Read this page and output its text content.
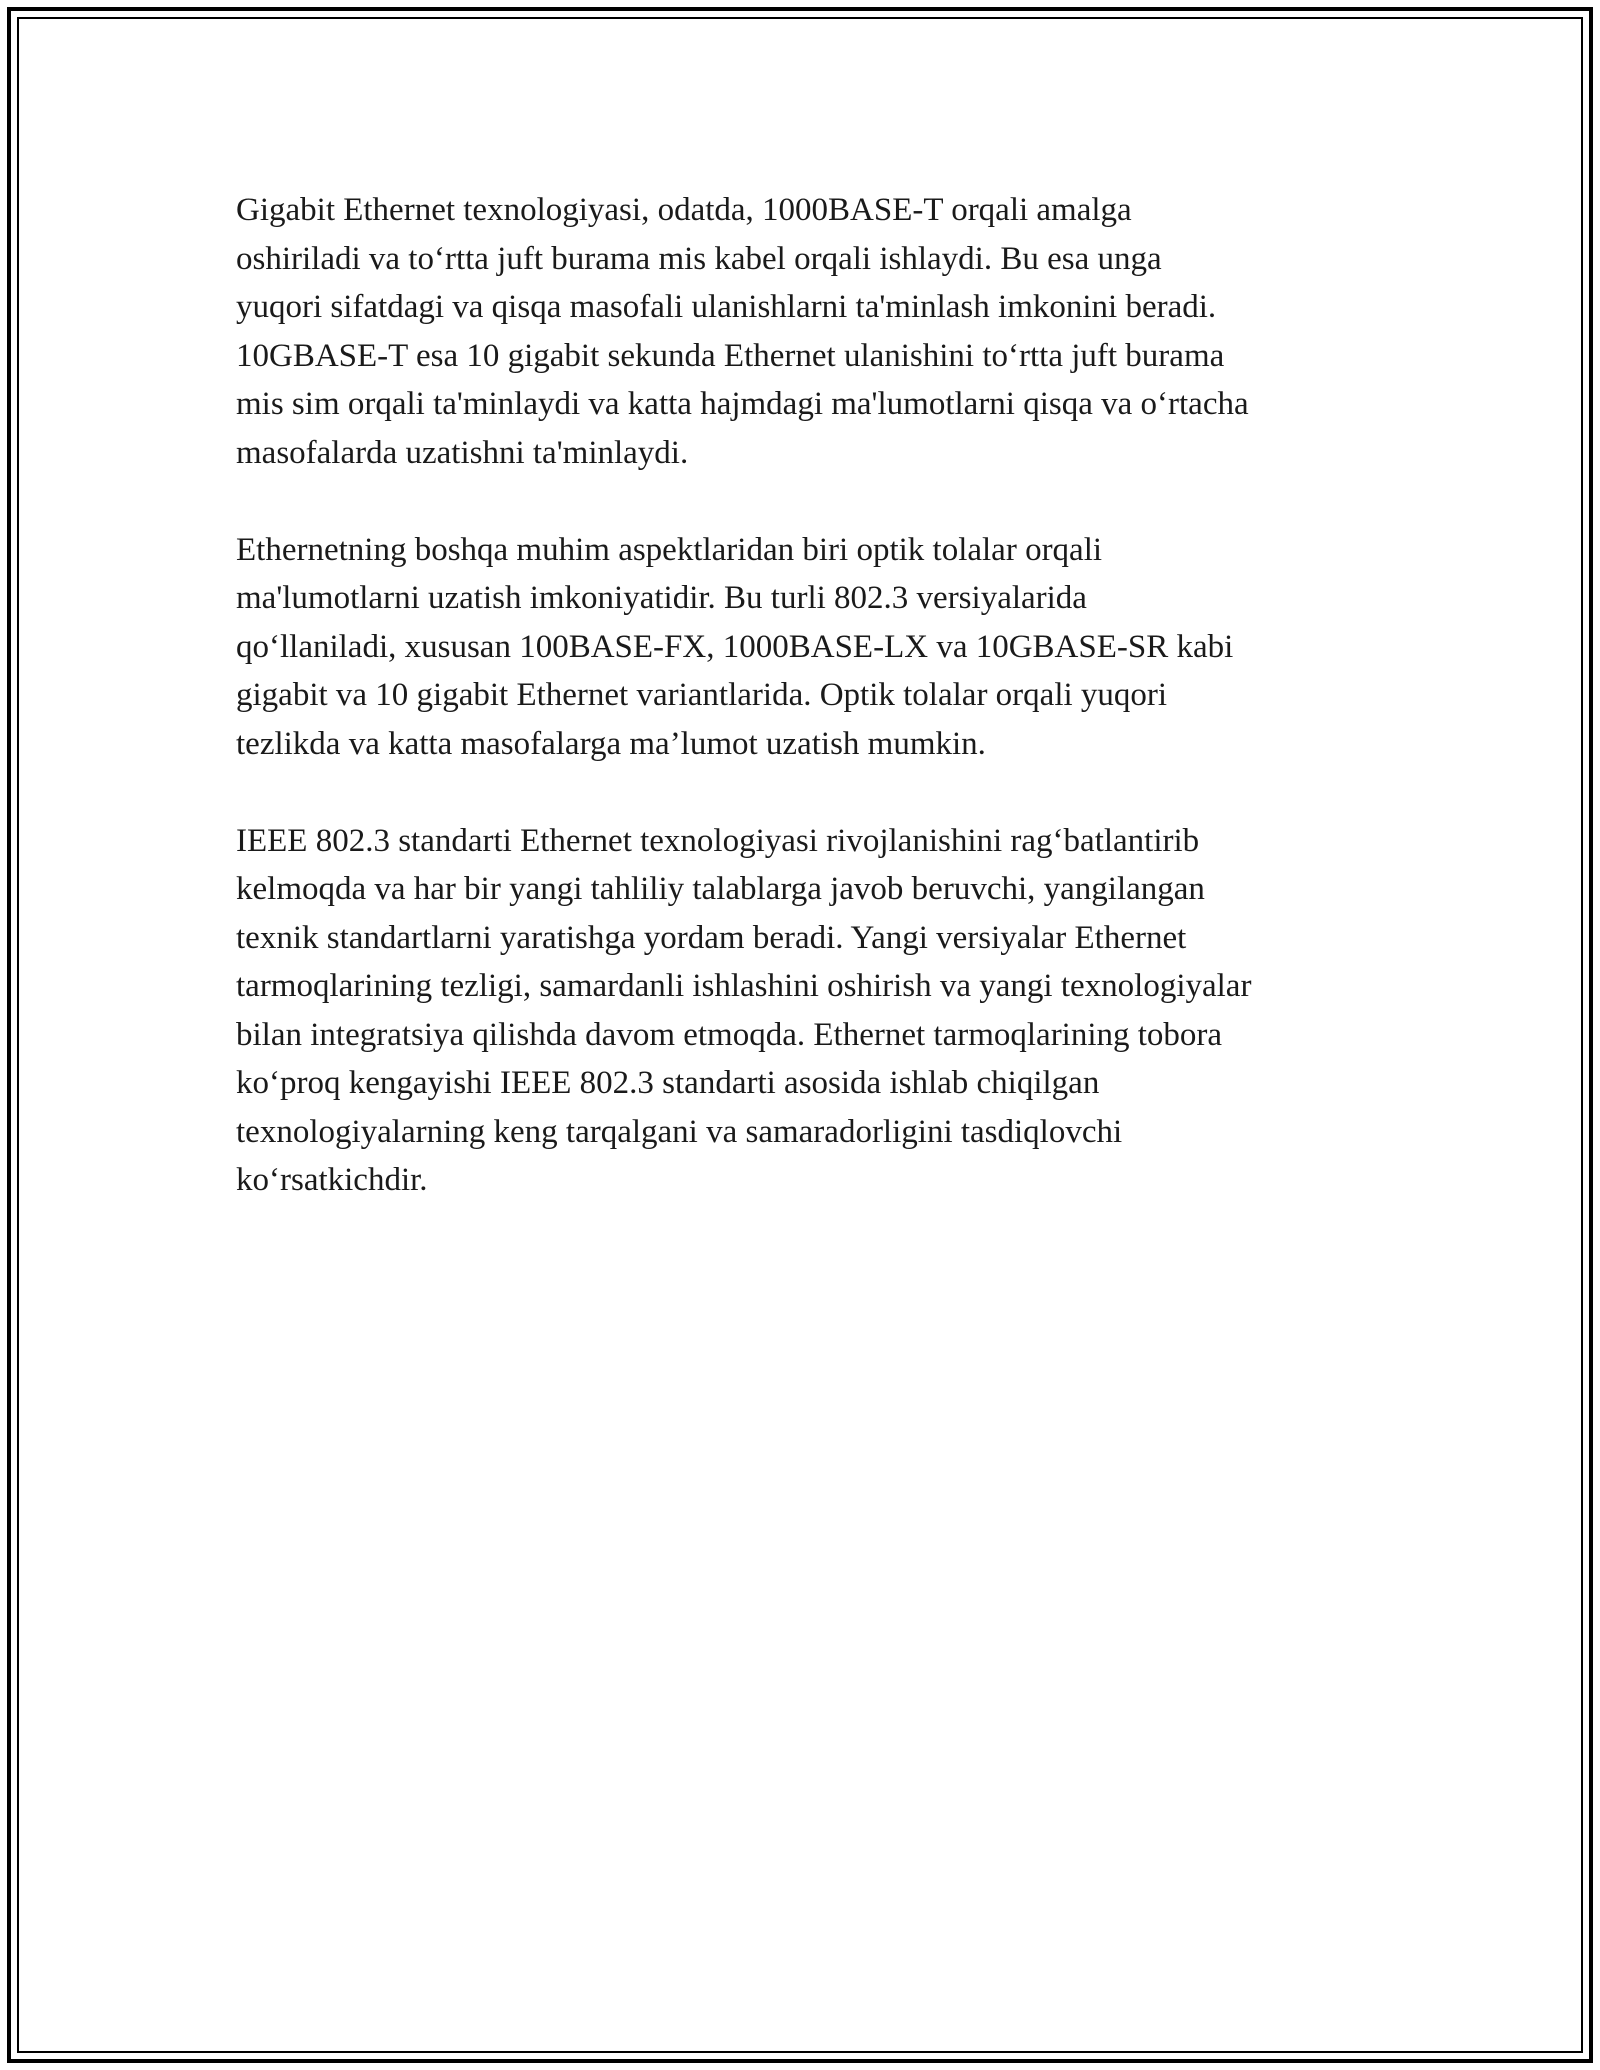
Gigabit Ethernet texnologiyasi, odatda, 1000BASE-T orqali amalga
oshiriladi va to‘rtta juft burama mis kabel orqali ishlaydi. Bu esa unga
yuqori sifatdagi va qisqa masofali ulanishlarni ta'minlash imkonini beradi.
10GBASE-T esa 10 gigabit sekunda Ethernet ulanishini to‘rtta juft burama
mis sim orqali ta'minlaydi va katta hajmdagi ma'lumotlarni qisqa va o‘rtacha
masofalarda uzatishni ta'minlaydi.

Ethernetning boshqa muhim aspektlaridan biri optik tolalar orqali
ma'lumotlarni uzatish imkoniyatidir. Bu turli 802.3 versiyalarida
qo‘llaniladi, xususan 100BASE-FX, 1000BASE-LX va 10GBASE-SR kabi
gigabit va 10 gigabit Ethernet variantlarida. Optik tolalar orqali yuqori
tezlikda va katta masofalarga ma’lumot uzatish mumkin.

IEEE 802.3 standarti Ethernet texnologiyasi rivojlanishini rag‘batlantirib
kelmoqda va har bir yangi tahliliy talablarga javob beruvchi, yangilangan
texnik standartlarni yaratishga yordam beradi. Yangi versiyalar Ethernet
tarmoqlarining tezligi, samardanli ishlashini oshirish va yangi texnologiyalar
bilan integratsiya qilishda davom etmoqda. Ethernet tarmoqlarining tobora
ko‘proq kengayishi IEEE 802.3 standarti asosida ishlab chiqilgan
texnologiyalarning keng tarqalgani va samaradorligini tasdiqlovchi
ko‘rsatkichdir.
